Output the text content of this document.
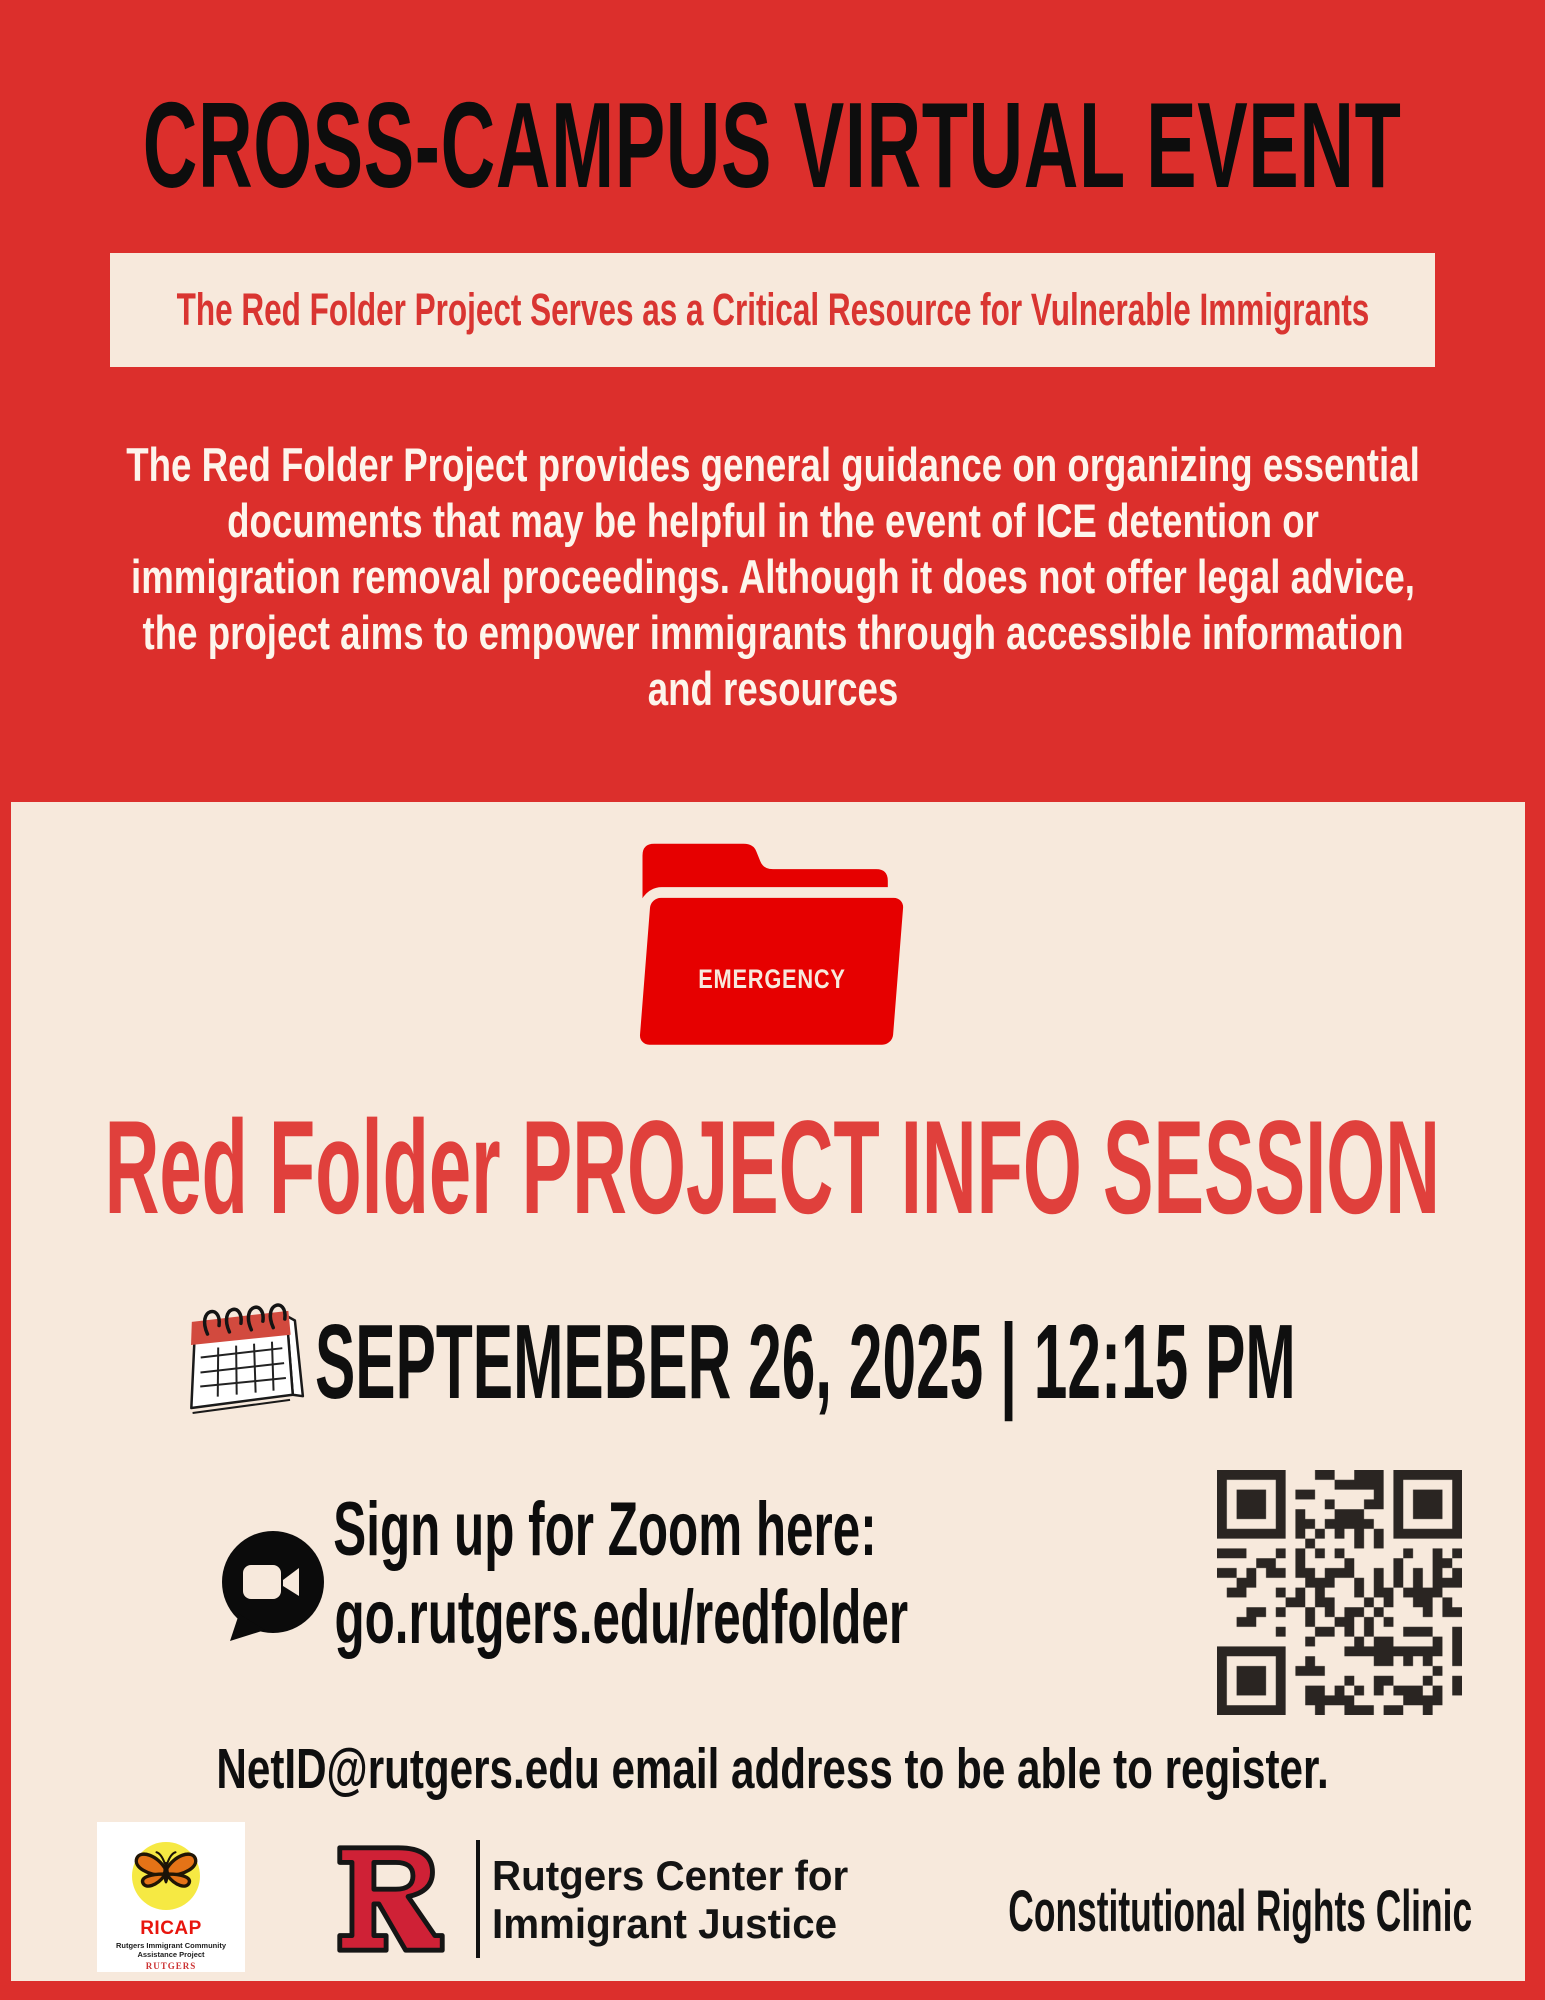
CROSS-CAMPUS VIRTUAL EVENT
The Red Folder Project Serves as a Critical Resource for Vulnerable Immigrants
The Red Folder Project provides general guidance on organizing essential
documents that may be helpful in the event of ICE detention or
immigration removal proceedings. Although it does not offer legal advice,
the project aims to empower immigrants through accessible information
and resources
EMERGENCY
Red Folder PROJECT INFO SESSION
SEPTEMEBER 26, 2025 | 12:15 PM
Sign up for Zoom here:
go.rutgers.edu/redfolder
NetID@rutgers.edu email address to be able to register.
RICAP
Rutgers Immigrant Community
Assistance Project
RUTGERS
Rutgers Center for
Immigrant Justice	Constitutional Rights Clinic
